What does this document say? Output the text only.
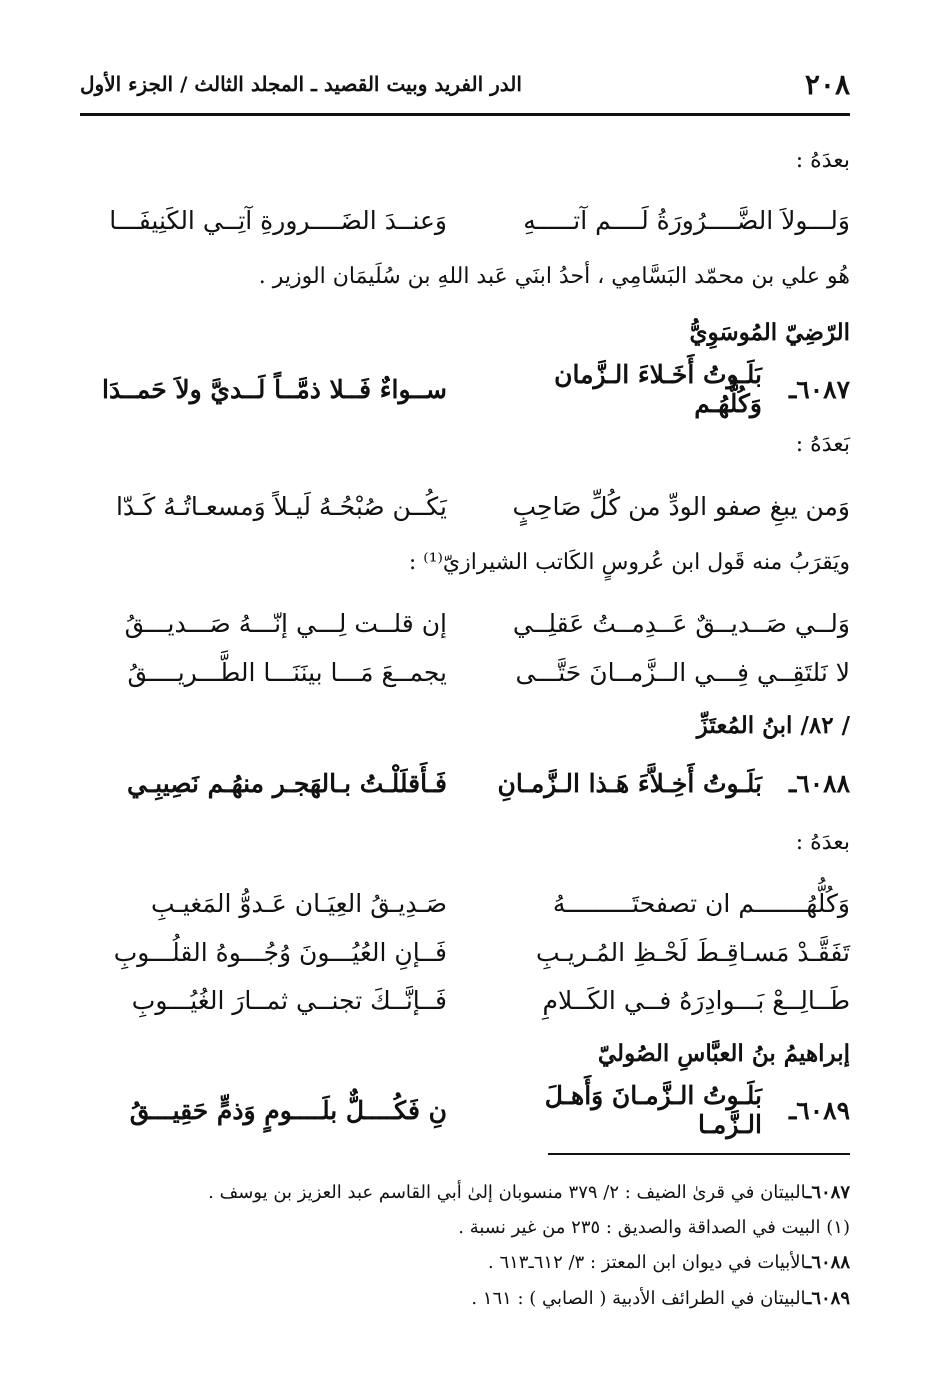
٢٠٨
الدر الفريد وبيت القصيد ـ المجلد الثالث / الجزء الأول
بعدَهُ :
وَلـــولاَ الضَّــــرُورَةُ لَــــم آتـــــهِ
وَعنــدَ الضَــــرورةِ آتِــي الكَنِيفَـــا
هُو علي بن محمّد البَسَّامِي ، أحدُ ابنَي عَبد اللهِ بن سُلَيمَان الوزير .
الرّضِيّ المُوسَوِيُّ
٦٠٨٧ـ
بَلَـوتُ أَخَـلاءَ الـزَّمان وَكُلُّهُـم
ســواءٌ فَــلا ذمَّــاً لَــديَّ ولاَ حَمــدَا
بَعدَهُ :
وَمن يبغِ صفو الودِّ من كُلِّ صَاحِبٍ
يَكُــن صُبْحُـهُ لَيـلاً وَمسعـاتُـهُ كَـدّا
ويَقرَبُ منه قَول ابن عُروسٍ الكَاتب الشيرازيّ⁽¹⁾ :
وَلــي صَــديــقٌ عَــدِمــتُ عَقلِــي
إن قلــت لِـــي إنّـــهُ صَـــديـــقُ
لا نَلتَقِــي فِـــي الــزَّمــانَ حَتَّـــى
يجمــعَ مَـــا بينَنَـــا الطَّـــريــــقُ
/ ٨٢/ ابنُ المُعتَزِّ
٦٠٨٨ـ
بَلَـوتُ أَخِـلاَّءَ هَـذا الـزَّمـانِ
فَـأَقلَلْـتُ بـالهَجـر منهُـم نَصِيبِـي
بعدَهُ :
وَكُلُّهُـــــــم ان تصفحتَـــــــــهُ
صَـدِيـقُ العِيَـان عَـدوُّ المَغيـبِ
تَفَقَّـدْ مَسـاقِـطَ لَحْـظِ المُـريـبِ
فَــإنِ العُيُـــونَ وُجُـــوهُ القلُـــوبِ
طَــالِــعْ بَـــوادِرَهُ فــي الكَــلامِ
فَــإنَّــكَ تجنــي ثمــارَ الغُيُـــوبِ
إبراهيمُ بنُ العبَّاسِ الصُوليّ
٦٠٨٩ـ
بَلَـوتُ الـزَّمـانَ وَأَهـلَ الـزَّمـا
نِ فَكُــــلٌّ بلَــــومٍ وَذمٍّ حَقِيـــقُ
٦٠٨٧ـالبيتان في قرىٰ الضيف : ٢/ ٣٧٩ منسوبان إلىٰ أبي القاسم عبد العزيز بن يوسف .
(١) البيت في الصداقة والصديق : ٢٣٥ من غير نسبة .
٦٠٨٨ـالأبيات في ديوان ابن المعتز : ٣/ ٦١٢ـ٦١٣ .
٦٠٨٩ـالبيتان في الطرائف الأدبية ( الصابي ) : ١٦١ .
